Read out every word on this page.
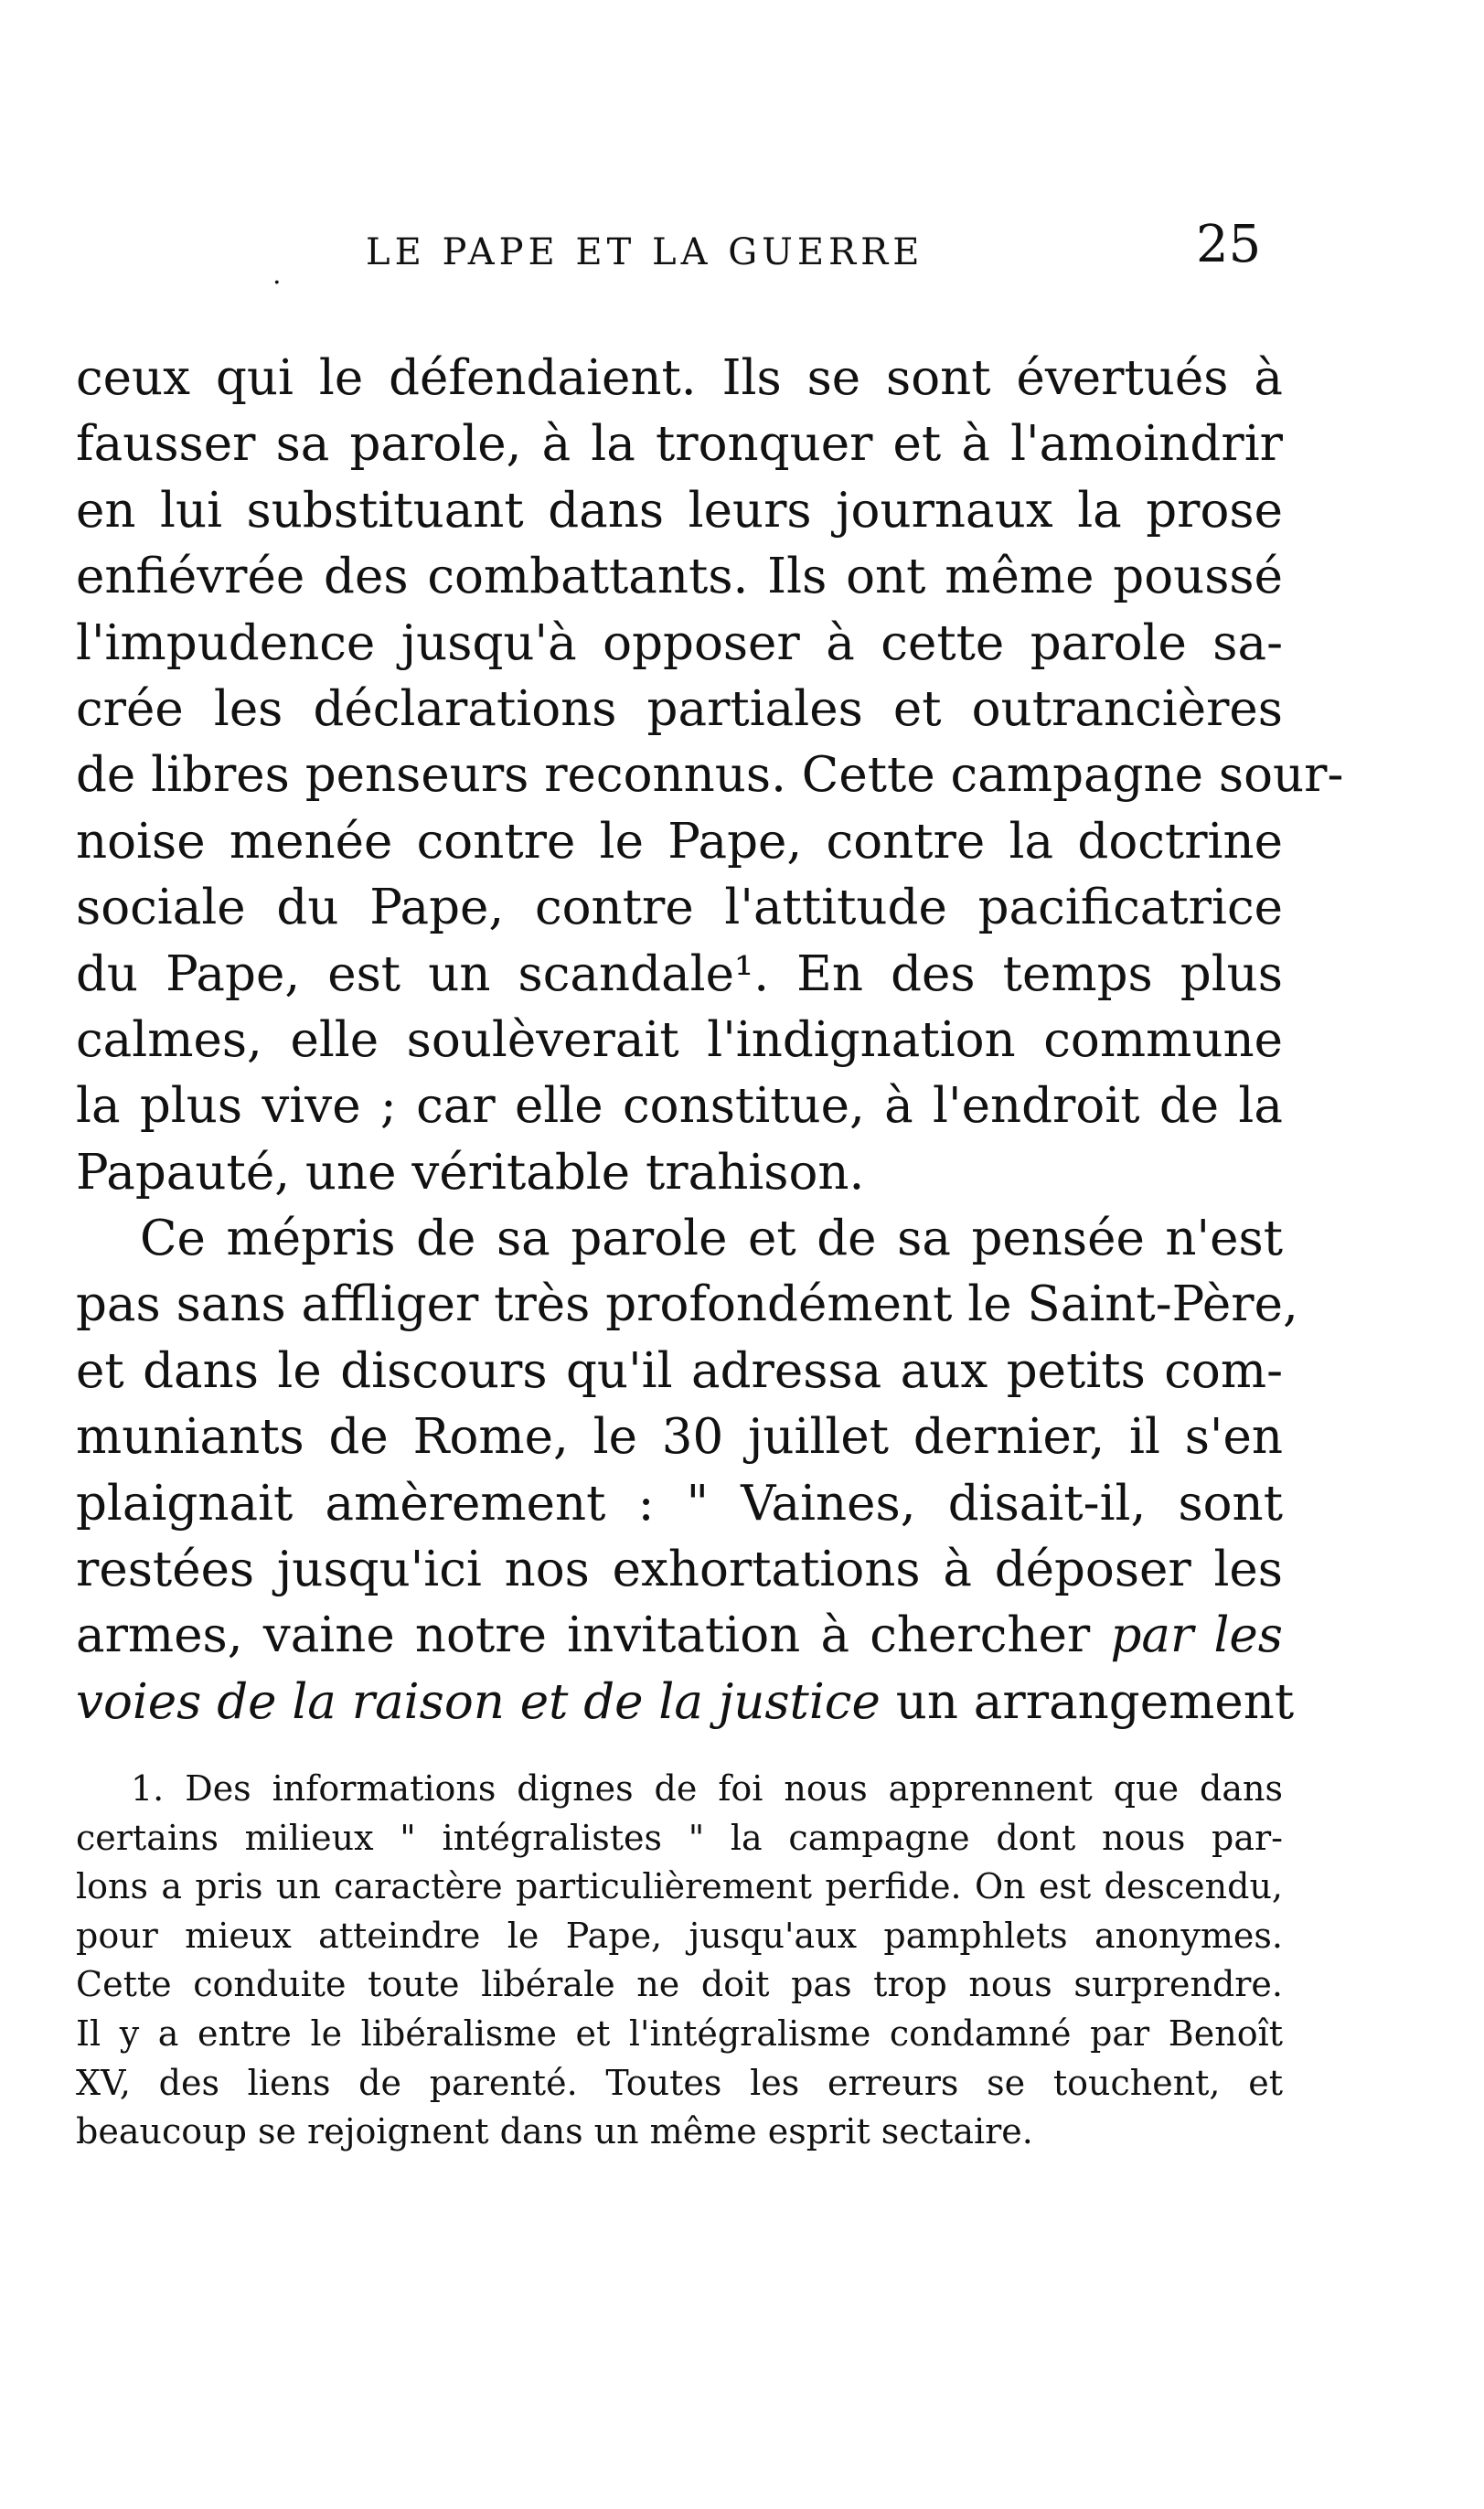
.
LE PAPE ET LA GUERRE	25
ceux qui le défendaient. Ils se sont évertués à
fausser sa parole, à la tronquer et à l'amoindrir
en lui substituant dans leurs journaux la prose
enfiévrée des combattants. Ils ont même poussé
l'impudence jusqu'à opposer à cette parole sa-
crée les déclarations partiales et outrancières
de libres penseurs reconnus. Cette campagne sour-
noise menée contre le Pape, contre la doctrine
sociale du Pape, contre l'attitude pacificatrice
du Pape, est un scandale¹. En des temps plus
calmes, elle soulèverait l'indignation commune
la plus vive ; car elle constitue, à l'endroit de la
Papauté, une véritable trahison.
Ce mépris de sa parole et de sa pensée n'est
pas sans affliger très profondément le Saint-Père,
et dans le discours qu'il adressa aux petits com-
muniants de Rome, le 30 juillet dernier, il s'en
plaignait amèrement : " Vaines, disait-il, sont
restées jusqu'ici nos exhortations à déposer les
armes, vaine notre invitation à chercher par les
voies de la raison et de la justice un arrangement
1. Des informations dignes de foi nous apprennent que dans
certains milieux " intégralistes " la campagne dont nous par-
lons a pris un caractère particulièrement perfide. On est descendu,
pour mieux atteindre le Pape, jusqu'aux pamphlets anonymes.
Cette conduite toute libérale ne doit pas trop nous surprendre.
Il y a entre le libéralisme et l'intégralisme condamné par Benoît
XV, des liens de parenté. Toutes les erreurs se touchent, et
beaucoup se rejoignent dans un même esprit sectaire.
